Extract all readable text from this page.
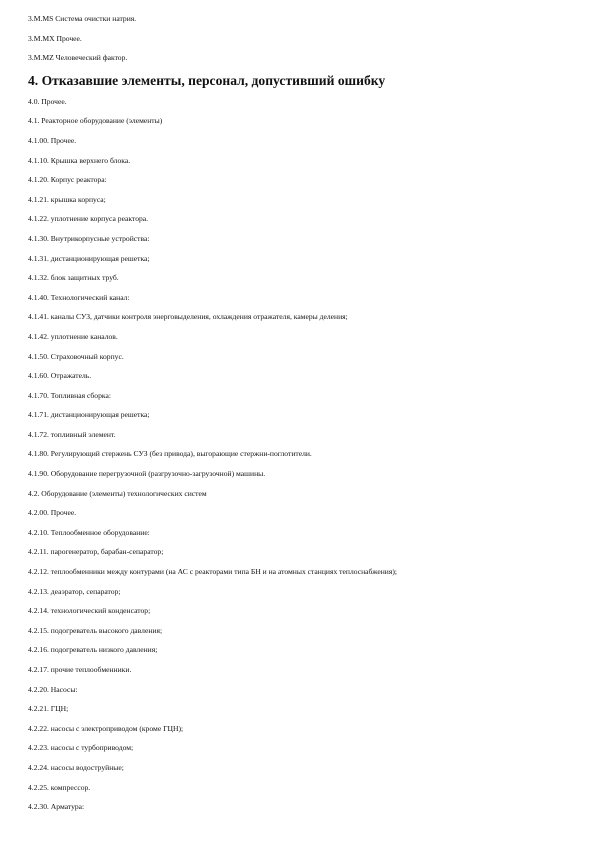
3.M.MS Система очистки натрия.
3.M.MX Прочее.
3.M.MZ Человеческий фактор.
4. Отказавшие элементы, персонал, допустивший ошибку
4.0. Прочее.
4.1. Реакторное оборудование (элементы)
4.1.00. Прочее.
4.1.10. Крышка верхнего блока.
4.1.20. Корпус реактора:
4.1.21. крышка корпуса;
4.1.22. уплотнение корпуса реактора.
4.1.30. Внутрикорпусные устройства:
4.1.31. дистанционирующая решетка;
4.1.32. блок защитных труб.
4.1.40. Технологический канал:
4.1.41. каналы СУЗ, датчики контроля энерговыделения, охлаждения отражателя, камеры деления;
4.1.42. уплотнение каналов.
4.1.50. Страховочный корпус.
4.1.60. Отражатель.
4.1.70. Топливная сборка:
4.1.71. дистанционирующая решетка;
4.1.72. топливный элемент.
4.1.80. Регулирующий стержень СУЗ (без привода), выгорающие стержни-поглотители.
4.1.90. Оборудование перегрузочной (разгрузочно-загрузочной) машины.
4.2. Оборудование (элементы) технологических систем
4.2.00. Прочее.
4.2.10. Теплообменное оборудование:
4.2.11. парогенератор, барабан-сепаратор;
4.2.12. теплообменники между контурами (на АС с реакторами типа БН и на атомных станциях теплоснабжения);
4.2.13. деаэратор, сепаратор;
4.2.14. технологический конденсатор;
4.2.15. подогреватель высокого давления;
4.2.16. подогреватель низкого давления;
4.2.17. прочие теплообменники.
4.2.20. Насосы:
4.2.21. ГЦН;
4.2.22. насосы с электроприводом (кроме ГЦН);
4.2.23. насосы с турбоприводом;
4.2.24. насосы водоструйные;
4.2.25. компрессор.
4.2.30. Арматура:
